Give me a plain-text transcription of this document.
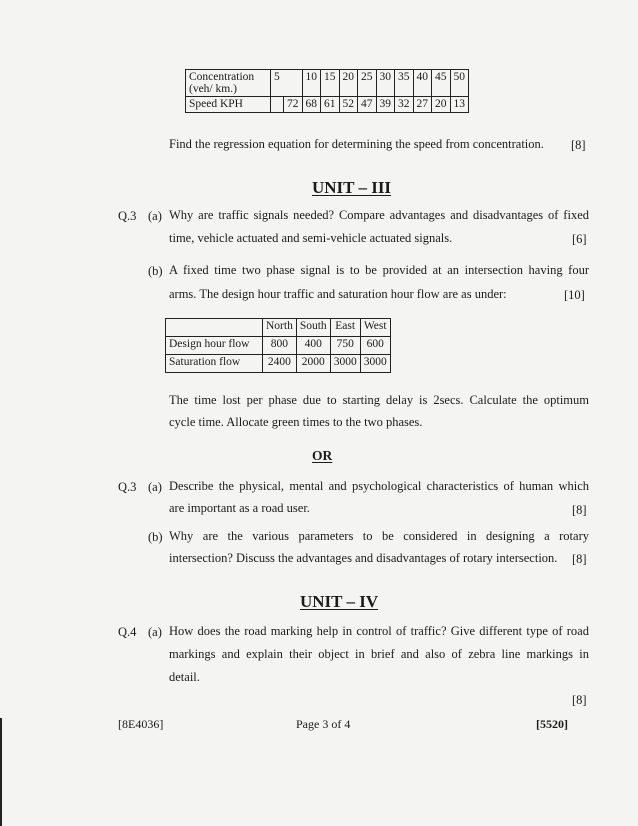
Concentration (veh/ km.)	5		10	15	20	25	30	35	40	45	50
Speed KPH		72	68	61	52	47	39	32	27	20	13
Find the regression equation for determining the speed from concentration. [8]
UNIT – III
Q.3 (a) Why are traffic signals needed? Compare advantages and disadvantages of fixed
time, vehicle actuated and semi-vehicle actuated signals.	[6]
(b) A fixed time two phase signal is to be provided at an intersection having four
arms. The design hour traffic and saturation hour flow are as under:	[10]
	North	South	East	West
Design hour flow	800	400	750	600
Saturation flow	2400	2000	3000	3000
The time lost per phase due to starting delay is 2secs. Calculate the optimum
cycle time. Allocate green times to the two phases.
OR
Q.3 (a) Describe the physical, mental and psychological characteristics of human which
are important as a road user.	[8]
(b) Why are the various parameters to be considered in designing a rotary
intersection? Discuss the advantages and disadvantages of rotary intersection. [8]
UNIT – IV
Q.4 (a) How does the road marking help in control of traffic? Give different type of road
markings and explain their object in brief and also of zebra line markings in
detail.
[8]
[8E4036]	Page 3 of 4	[5520]
